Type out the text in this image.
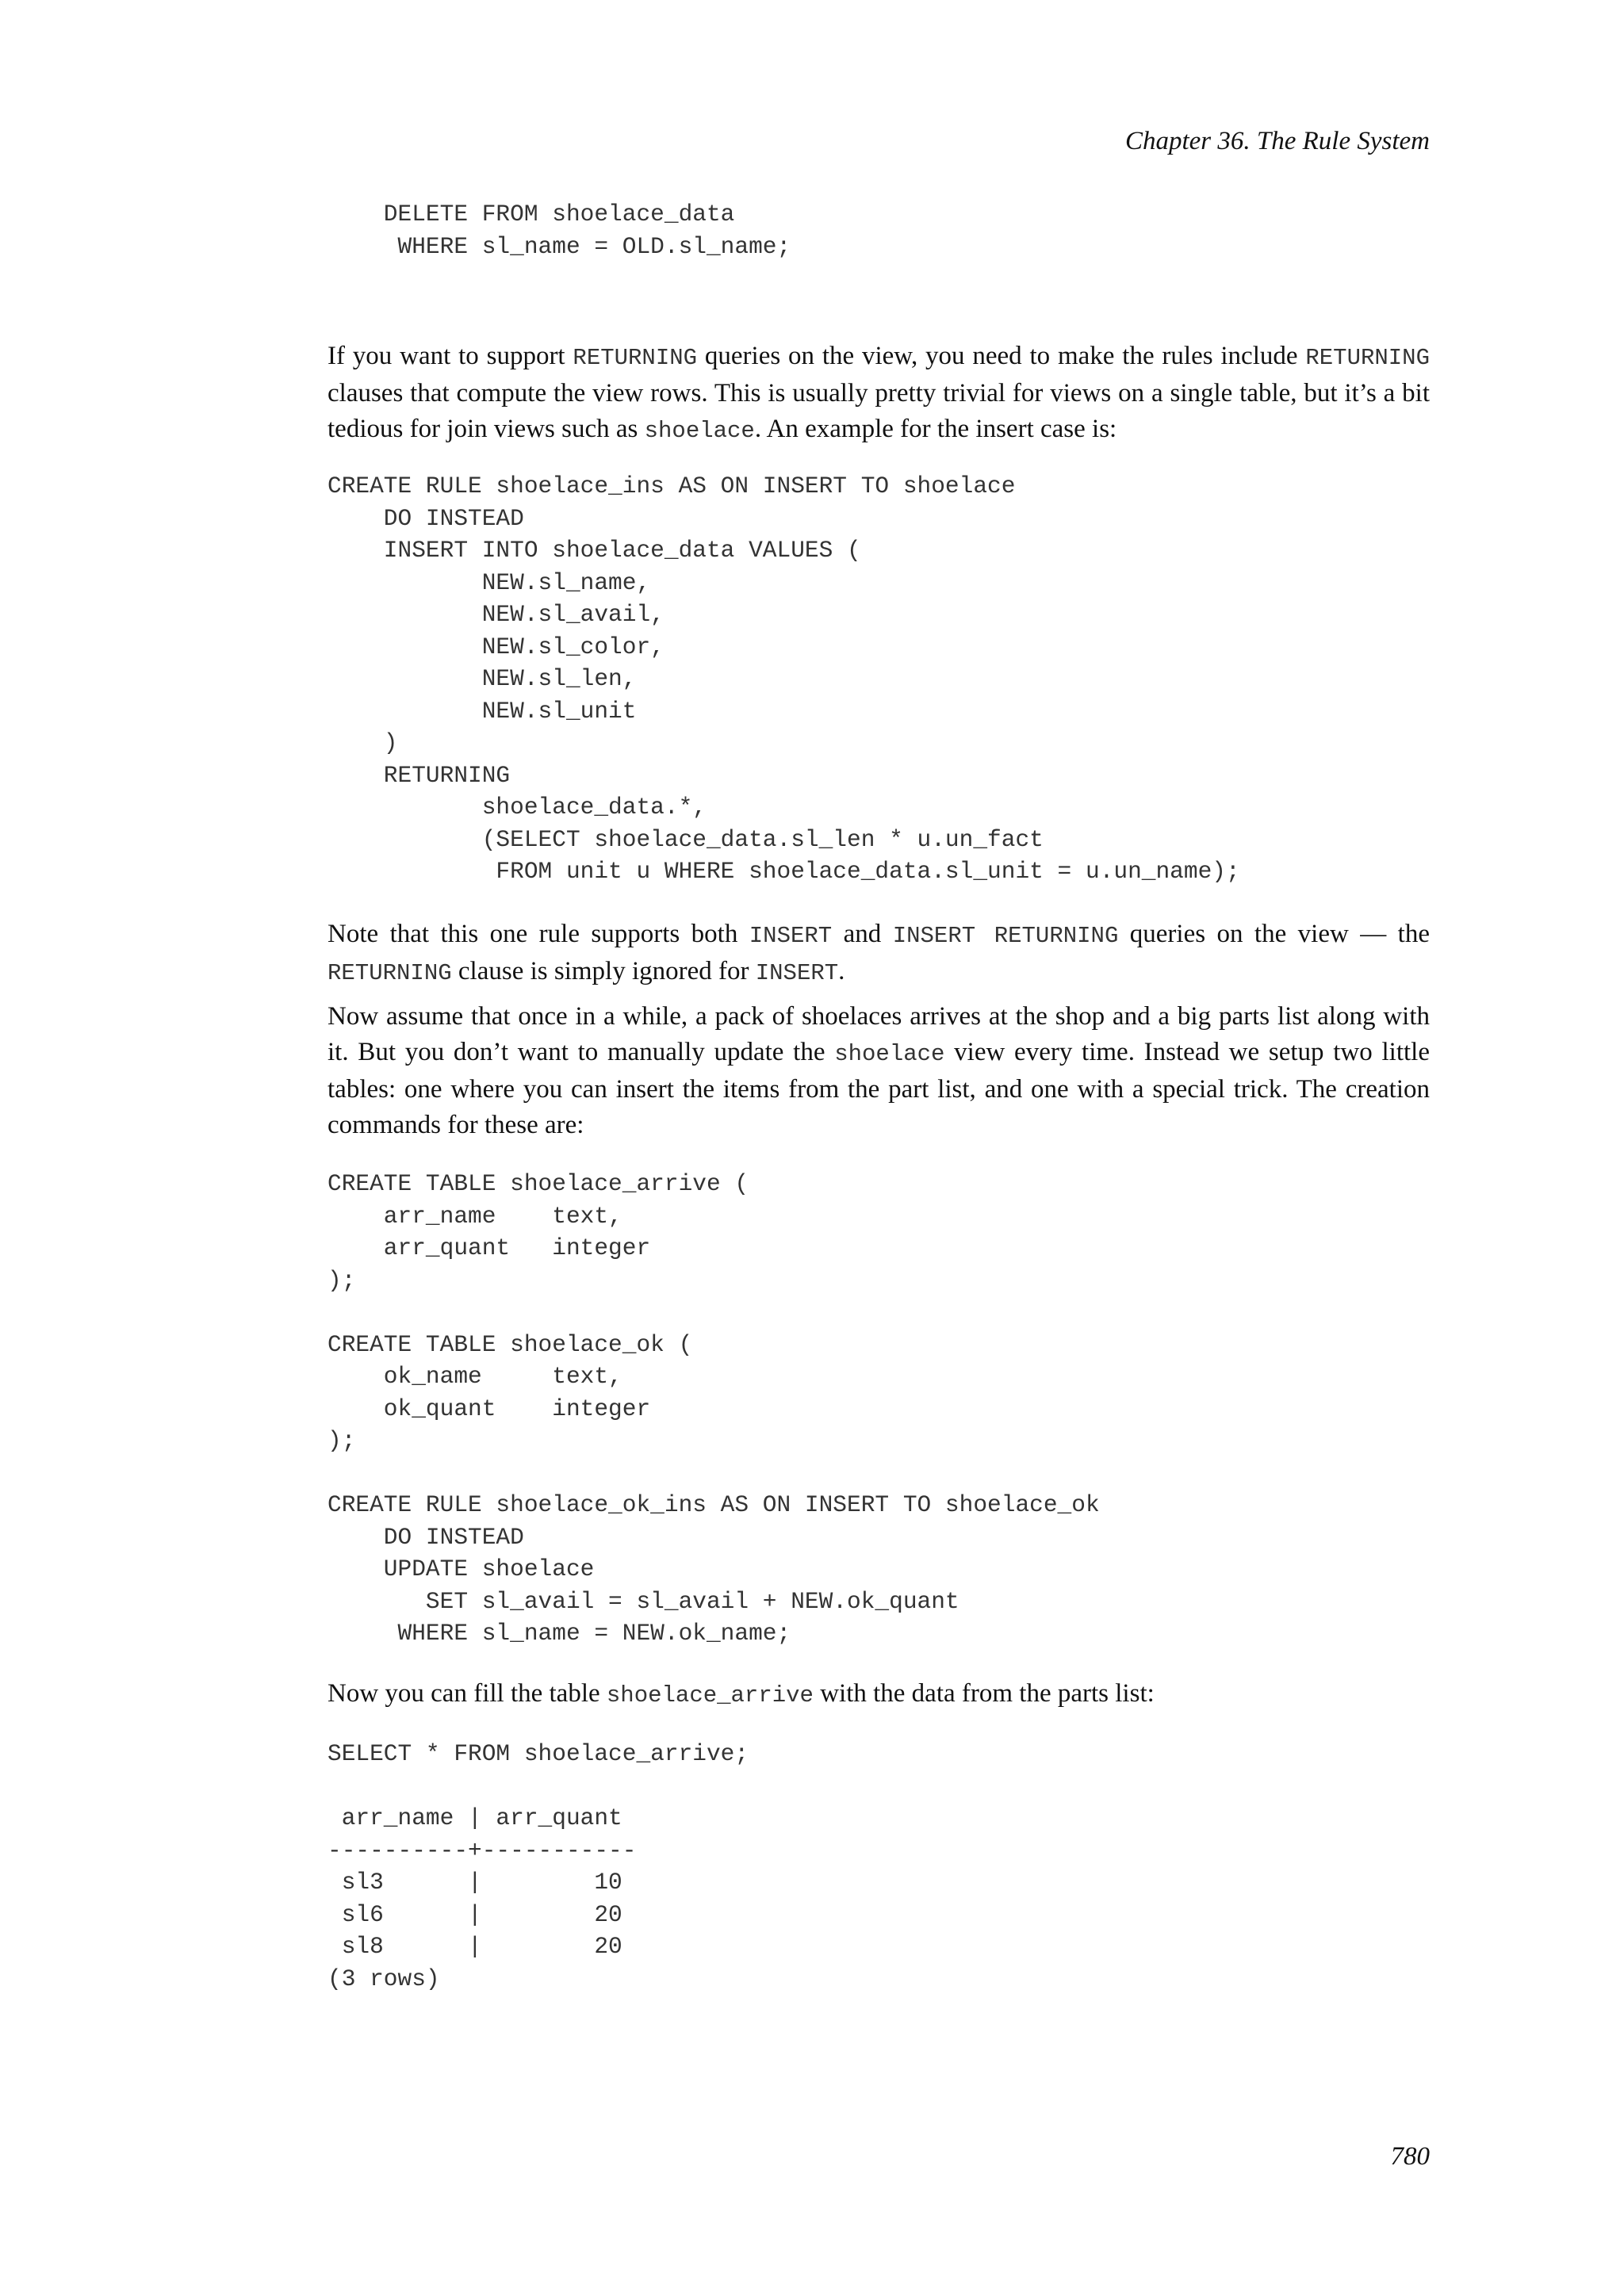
Chapter 36. The Rule System
DELETE FROM shoelace_data
WHERE sl_name = OLD.sl_name;

If you want to support RETURNING queries on the view, you need to make the rules include RETURNING clauses that compute the view rows. This is usually pretty trivial for views on a single table, but it’s a bit tedious for join views such as shoelace. An example for the insert case is:

CREATE RULE shoelace_ins AS ON INSERT TO shoelace
DO INSTEAD
INSERT INTO shoelace_data VALUES (
NEW.sl_name,
NEW.sl_avail,
NEW.sl_color,
NEW.sl_len,
NEW.sl_unit
)
RETURNING
shoelace_data.*,
(SELECT shoelace_data.sl_len * u.un_fact
FROM unit u WHERE shoelace_data.sl_unit = u.un_name);

Note that this one rule supports both INSERT and INSERT RETURNING queries on the view — the RETURNING clause is simply ignored for INSERT.

Now assume that once in a while, a pack of shoelaces arrives at the shop and a big parts list along with it. But you don’t want to manually update the shoelace view every time. Instead we setup two little tables: one where you can insert the items from the part list, and one with a special trick. The creation commands for these are:

CREATE TABLE shoelace_arrive (
arr_name    text,
arr_quant   integer
);

CREATE TABLE shoelace_ok (
ok_name     text,
ok_quant    integer
);

CREATE RULE shoelace_ok_ins AS ON INSERT TO shoelace_ok
DO INSTEAD
UPDATE shoelace
SET sl_avail = sl_avail + NEW.ok_quant
WHERE sl_name = NEW.ok_name;

Now you can fill the table shoelace_arrive with the data from the parts list:

SELECT * FROM shoelace_arrive;

arr_name | arr_quant
----------+-----------
sl3      |        10
sl6      |        20
sl8      |        20
(3 rows)
780
